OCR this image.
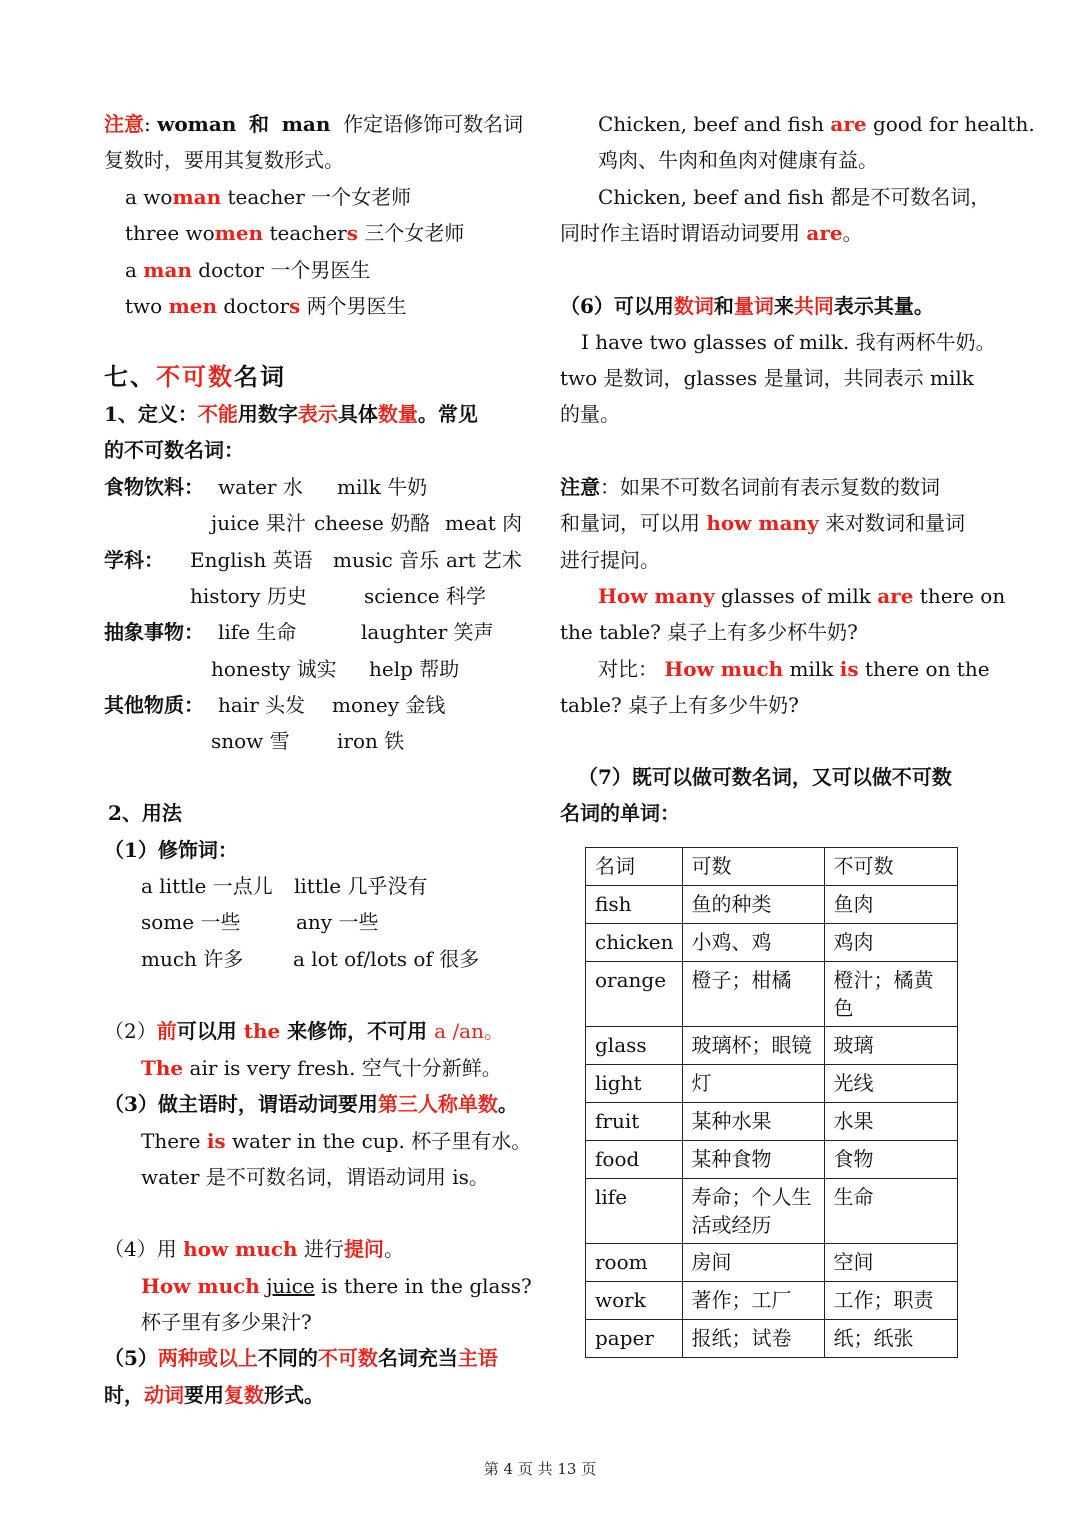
注意: woman 和 man 作定语修饰可数名词
复数时，要用其复数形式。
a woman teacher 一个女老师
three women teachers 三个女老师
a man doctor 一个男医生
two men doctors 两个男医生
七、不可数名词
1、定义：不能用数字表示具体数量。常见
的不可数名词：
食物饮料： water 水 milk 牛奶
juice 果汁 cheese 奶酪 meat 肉
学科： English 英语 music 音乐 art 艺术
history 历史	science 科学
抽象事物： life 生命	laughter 笑声
honesty 诚实 help 帮助
其他物质： hair 头发 money 金钱
snow 雪 iron 铁
2、用法
（1）修饰词：
a little 一点儿 little 几乎没有
some 一些	any 一些
much 许多 a lot of/lots of 很多
（2）前可以用 the 来修饰，不可用 a /an。
The air is very fresh. 空气十分新鲜。
（3）做主语时，谓语动词要用第三人称单数。
There is water in the cup. 杯子里有水。
water 是不可数名词，谓语动词用 is。
（4）用 how much 进行提问。
How much juice is there in the glass?
杯子里有多少果汁?
（5）两种或以上不同的不可数名词充当主语
时，动词要用复数形式。
Chicken, beef and fish are good for health.
鸡肉、牛肉和鱼肉对健康有益。
Chicken, beef and fish 都是不可数名词，
同时作主语时谓语动词要用 are。
（6）可以用数词和量词来共同表示其量。
I have two glasses of milk. 我有两杯牛奶。
two 是数词，glasses 是量词，共同表示 milk
的量。
注意：如果不可数名词前有表示复数的数词
和量词，可以用 how many 来对数词和量词
进行提问。
How many glasses of milk are there on
the table? 桌子上有多少杯牛奶?
对比： How much milk is there on the
table? 桌子上有多少牛奶?
（7）既可以做可数名词，又可以做不可数
名词的单词：
名词	可数	不可数
fish	鱼的种类	鱼肉
chicken	小鸡、鸡	鸡肉
orange	橙子；柑橘	橙汁；橘黄色
glass	玻璃杯；眼镜	玻璃
light	灯	光线
fruit	某种水果	水果
food	某种食物	食物
life	寿命；个人生活或经历	生命
room	房间	空间
work	著作；工厂	工作；职责
paper	报纸；试卷	纸；纸张
第 4 页 共 13 页
